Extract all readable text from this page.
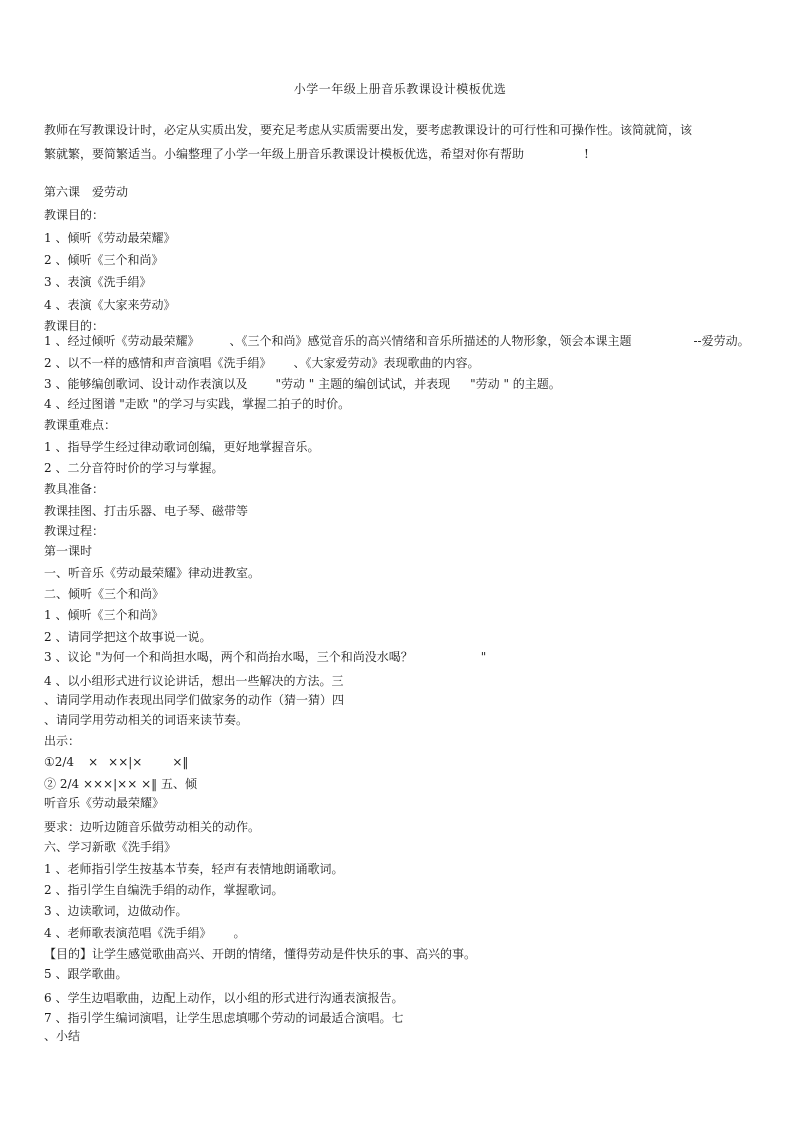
小学一年级上册音乐教课设计模板优选
教师在写教课设计时，必定从实质出发，要充足考虑从实质需要出发，要考虑教课设计的可行性和可操作性。该简就简，该
繁就繁，要简繁适当。小编整理了小学一年级上册音乐教课设计模板优选，希望对你有帮助	!
第六课　爱劳动
教课目的：
1 、倾听《劳动最荣耀》
2 、倾听《三个和尚》
3 、表演《洗手绢》
4 、表演《大家来劳动》
教课目的：
1 、经过倾听《劳动最荣耀》	、《三个和尚》感觉音乐的高兴情绪和音乐所描述的人物形象，领会本课主题	--爱劳动。
2 、以不一样的感情和声音演唱《洗手绢》 、《大家爱劳动》表现歌曲的内容。
3 、能够编创歌词、设计动作表演以及 "劳动 " 主题的编创试试，并表现 "劳动 " 的主题。
4 、经过图谱 "走欧 "的学习与实践，掌握二拍子的时价。
教课重难点：
1 、指导学生经过律动歌词创编，更好地掌握音乐。
2 、二分音符时价的学习与掌握。
教具准备：
教课挂图、打击乐器、电子琴、磁带等
教课过程：
第一课时
一、听音乐《劳动最荣耀》律动进教室。
二、倾听《三个和尚》
1 、倾听《三个和尚》
2 、请同学把这个故事说一说。
3 、议论 "为何一个和尚担水喝，两个和尚抬水喝，三个和尚没水喝？	"
4 、以小组形式进行议论讲话，想出一些解决的方法。三
、请同学用动作表现出同学们做家务的动作（猜一猜）四
、请同学用劳动相关的词语来读节奏。
出示：
①2/4 × ××|×	×‖
② 2/4 ×××|×× ×‖ 五、倾
听音乐《劳动最荣耀》
要求：边听边随音乐做劳动相关的动作。
六、学习新歌《洗手绢》
1 、老师指引学生按基本节奏，轻声有表情地朗诵歌词。
2 、指引学生自编洗手绢的动作，掌握歌词。
3 、边读歌词，边做动作。
4 、老师歌表演范唱《洗手绢》 。
【目的】让学生感觉歌曲高兴、开朗的情绪，懂得劳动是件快乐的事、高兴的事。
5 、跟学歌曲。
6 、学生边唱歌曲，边配上动作，以小组的形式进行沟通表演报告。
7 、指引学生编词演唱，让学生思虑填哪个劳动的词最适合演唱。七
、小结
